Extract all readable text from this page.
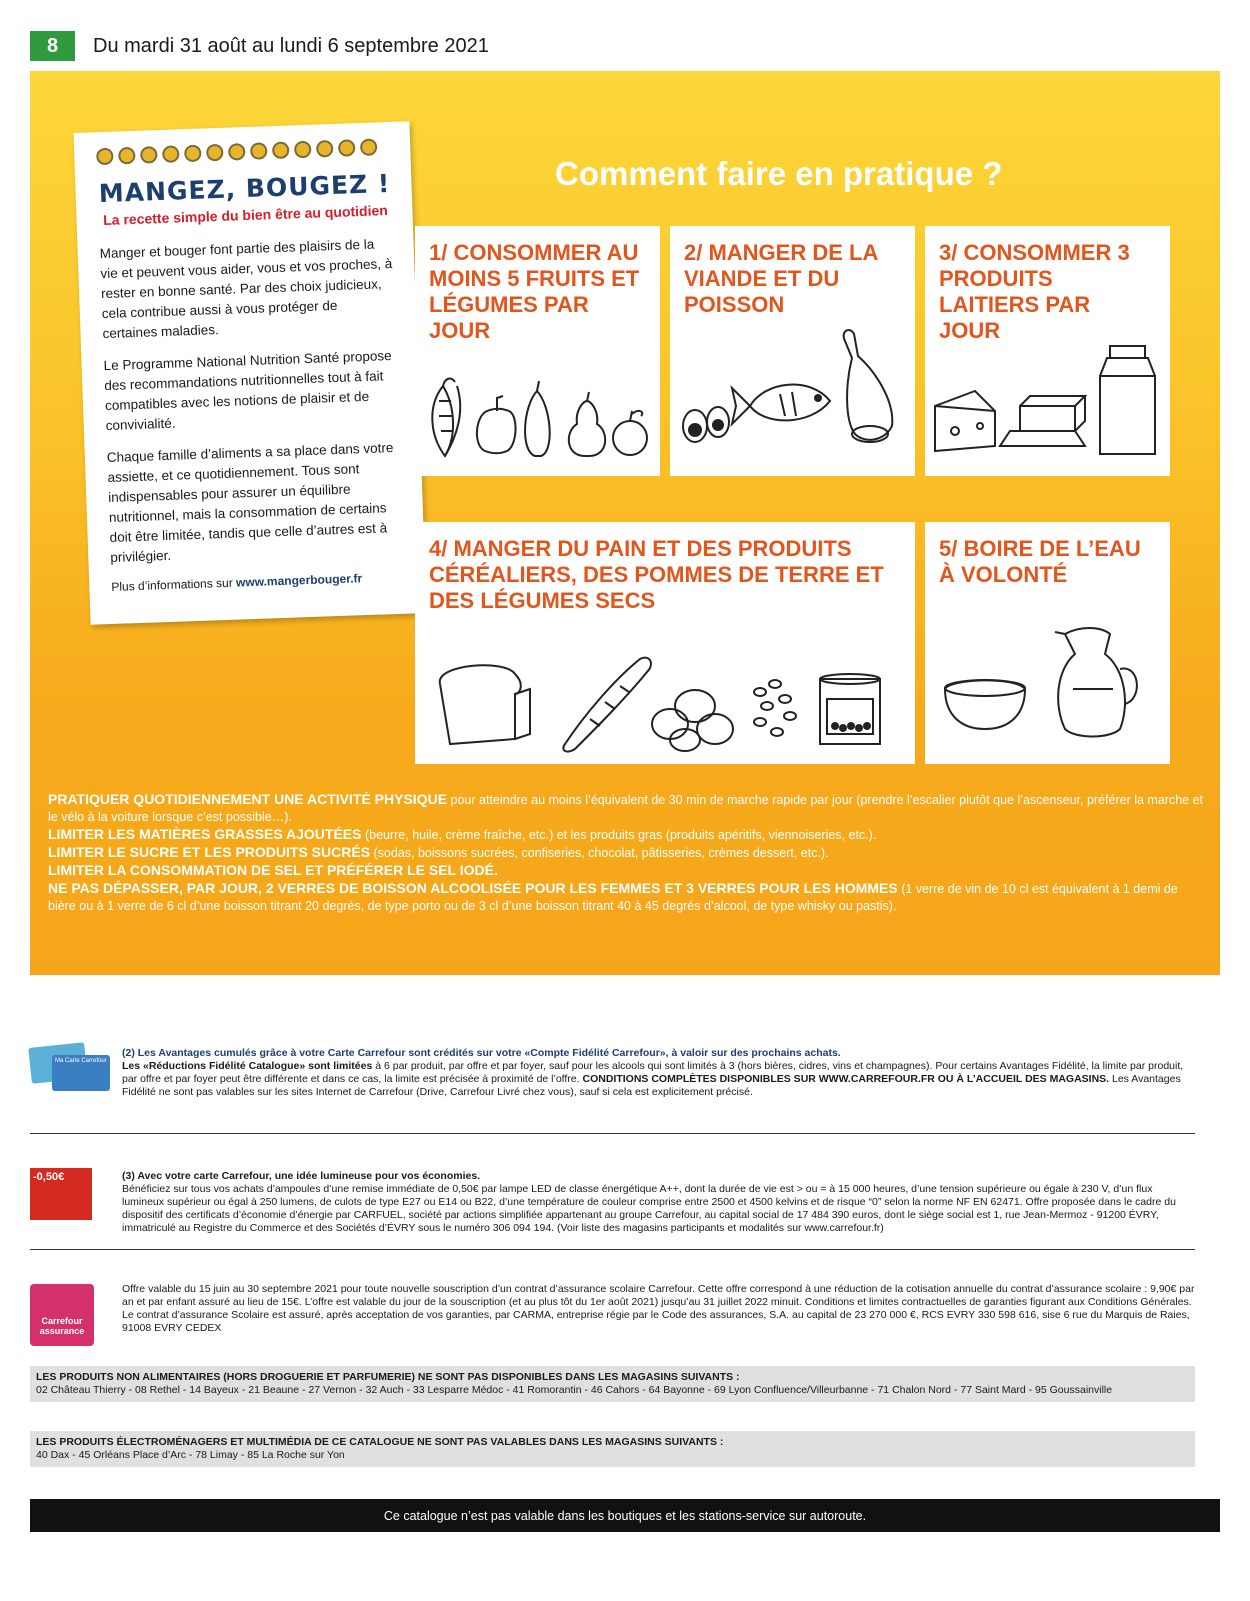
8	Du mardi 31 août au lundi 6 septembre 2021
MANGEZ, BOUGEZ !
La recette simple du bien être au quotidien

Manger et bouger font partie des plaisirs de la vie et peuvent vous aider, vous et vos proches, à rester en bonne santé. Par des choix judicieux, cela contribue aussi à vous protéger de certaines maladies.

Le Programme National Nutrition Santé propose des recommandations nutritionnelles tout à fait compatibles avec les notions de plaisir et de convivialité.

Chaque famille d’aliments a sa place dans votre assiette, et ce quotidiennement. Tous sont indispensables pour assurer un équilibre nutritionnel, mais la consommation de certains doit être limitée, tandis que celle d’autres est à privilégier.

Plus d’informations sur www.mangerbouger.fr
Comment faire en pratique ?
1/ CONSOMMER AU MOINS 5 FRUITS ET LÉGUMES PAR JOUR
2/ MANGER DE LA VIANDE ET DU POISSON
3/ CONSOMMER 3 PRODUITS LAITIERS PAR JOUR
4/ MANGER DU PAIN ET DES PRODUITS CÉRÉALIERS, DES POMMES DE TERRE ET DES LÉGUMES SECS
5/ BOIRE DE L’EAU À VOLONTÉ
PRATIQUER QUOTIDIENNEMENT UNE ACTIVITÉ PHYSIQUE pour atteindre au moins l’équivalent de 30 min de marche rapide par jour (prendre l’escalier plutôt que l’ascenseur, préférer la marche et le vélo à la voiture lorsque c’est possible…).
LIMITER LES MATIÈRES GRASSES AJOUTÉES (beurre, huile, crème fraîche, etc.) et les produits gras (produits apéritifs, viennoiseries, etc.).
LIMITER LE SUCRE ET LES PRODUITS SUCRÉS (sodas, boissons sucrées, confiseries, chocolat, pâtisseries, crèmes dessert, etc.).
LIMITER LA CONSOMMATION DE SEL ET PRÉFÉRER LE SEL IODÉ.
NE PAS DÉPASSER, PAR JOUR, 2 VERRES DE BOISSON ALCOOLISÉE POUR LES FEMMES ET 3 VERRES POUR LES HOMMES (1 verre de vin de 10 cl est équivalent à 1 demi de bière ou à 1 verre de 6 cl d’une boisson titrant 20 degrés, de type porto ou de 3 cl d’une boisson titrant 40 à 45 degrés d’alcool, de type whisky ou pastis).
Ma Carte Carrefour
(2) Les Avantages cumulés grâce à votre Carte Carrefour sont crédités sur votre «Compte Fidélité Carrefour», à valoir sur des prochains achats.
Les «Réductions Fidélité Catalogue» sont limitées à 6 par produit, par offre et par foyer, sauf pour les alcools qui sont limités à 3 (hors bières, cidres, vins et champagnes). Pour certains Avantages Fidélité, la limite par produit, par offre et par foyer peut être différente et dans ce cas, la limite est précisée à proximité de l’offre. CONDITIONS COMPLÈTES DISPONIBLES SUR WWW.CARREFOUR.FR OU À L’ACCUEIL DES MAGASINS. Les Avantages Fidélité ne sont pas valables sur les sites Internet de Carrefour (Drive, Carrefour Livré chez vous), sauf si cela est explicitement précisé.
-0,50€	(3) Avec votre carte Carrefour, une idée lumineuse pour vos économies.
Bénéficiez sur tous vos achats d’ampoules d’une remise immédiate de 0,50€ par lampe LED de classe énergétique A++, dont la durée de vie est > ou = à 15 000 heures, d’une tension supérieure ou égale à 230 V, d’un flux lumineux supérieur ou égal à 250 lumens, de culots de type E27 ou E14 ou B22, d’une température de couleur comprise entre 2500 et 4500 kelvins et de risque “0” selon la norme NF EN 62471. Offre proposée dans le cadre du dispositif des certificats d’économie d’énergie par CARFUEL, société par actions simplifiée appartenant au groupe Carrefour, au capital social de 17 484 390 euros, dont le siège social est 1, rue Jean-Mermoz - 91200 ÉVRY, immatriculé au Registre du Commerce et des Sociétés d’ÉVRY sous le numéro 306 094 194. (Voir liste des magasins participants et modalités sur www.carrefour.fr)
Carrefour
assurance
Offre valable du 15 juin au 30 septembre 2021 pour toute nouvelle souscription d’un contrat d’assurance scolaire Carrefour. Cette offre correspond à une réduction de la cotisation annuelle du contrat d’assurance scolaire : 9,90€ par an et par enfant assuré au lieu de 15€. L’offre est valable du jour de la souscription (et au plus tôt du 1er août 2021) jusqu’au 31 juillet 2022 minuit. Conditions et limites contractuelles de garanties figurant aux Conditions Générales. Le contrat d’assurance Scolaire est assuré, après acceptation de vos garanties, par CARMA, entreprise régie par le Code des assurances, S.A. au capital de 23 270 000 €, RCS EVRY 330 598 616, sise 6 rue du Marquis de Raies, 91008 EVRY CEDEX
LES PRODUITS NON ALIMENTAIRES (HORS DROGUERIE ET PARFUMERIE) NE SONT PAS DISPONIBLES DANS LES MAGASINS SUIVANTS :
02 Château Thierry - 08 Rethel - 14 Bayeux - 21 Beaune - 27 Vernon - 32 Auch - 33 Lesparre Médoc - 41 Romorantin - 46 Cahors - 64 Bayonne - 69 Lyon Confluence/Villeurbanne - 71 Chalon Nord - 77 Saint Mard - 95 Goussainville
LES PRODUITS ÉLECTROMÉNAGERS ET MULTIMÉDIA DE CE CATALOGUE NE SONT PAS VALABLES DANS LES MAGASINS SUIVANTS :
40 Dax - 45 Orléans Place d’Arc - 78 Limay - 85 La Roche sur Yon
Ce catalogue n’est pas valable dans les boutiques et les stations-service sur autoroute.
